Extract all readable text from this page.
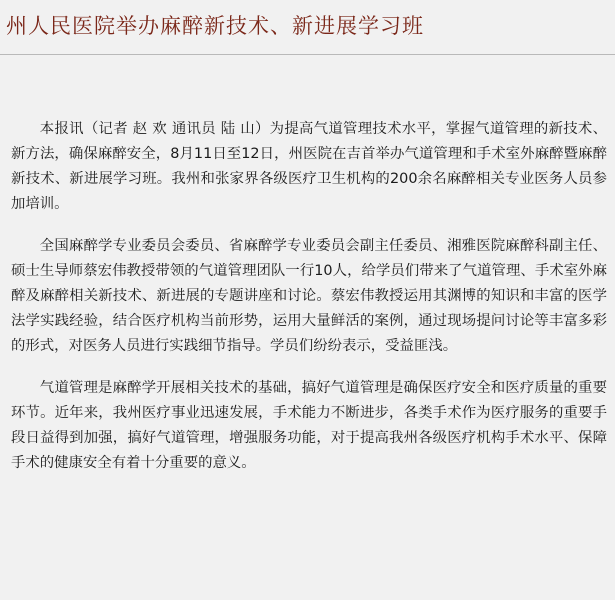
州人民医院举办麻醉新技术、新进展学习班

本报讯（记者 赵 欢 通讯员 陆 山）为提高气道管理技术水平，掌握气道管理的新技术、新方法，确保麻醉安全，8月11日至12日，州医院在吉首举办气道管理和手术室外麻醉暨麻醉新技术、新进展学习班。我州和张家界各级医疗卫生机构的200余名麻醉相关专业医务人员参加培训。

全国麻醉学专业委员会委员、省麻醉学专业委员会副主任委员、湘雅医院麻醉科副主任、硕士生导师蔡宏伟教授带领的气道管理团队一行10人，给学员们带来了气道管理、手术室外麻醉及麻醉相关新技术、新进展的专题讲座和讨论。蔡宏伟教授运用其渊博的知识和丰富的医学法学实践经验，结合医疗机构当前形势，运用大量鲜活的案例，通过现场提问讨论等丰富多彩的形式，对医务人员进行实践细节指导。学员们纷纷表示，受益匪浅。

气道管理是麻醉学开展相关技术的基础，搞好气道管理是确保医疗安全和医疗质量的重要环节。近年来，我州医疗事业迅速发展，手术能力不断进步，各类手术作为医疗服务的重要手段日益得到加强，搞好气道管理，增强服务功能，对于提高我州各级医疗机构手术水平、保障手术的健康安全有着十分重要的意义。
